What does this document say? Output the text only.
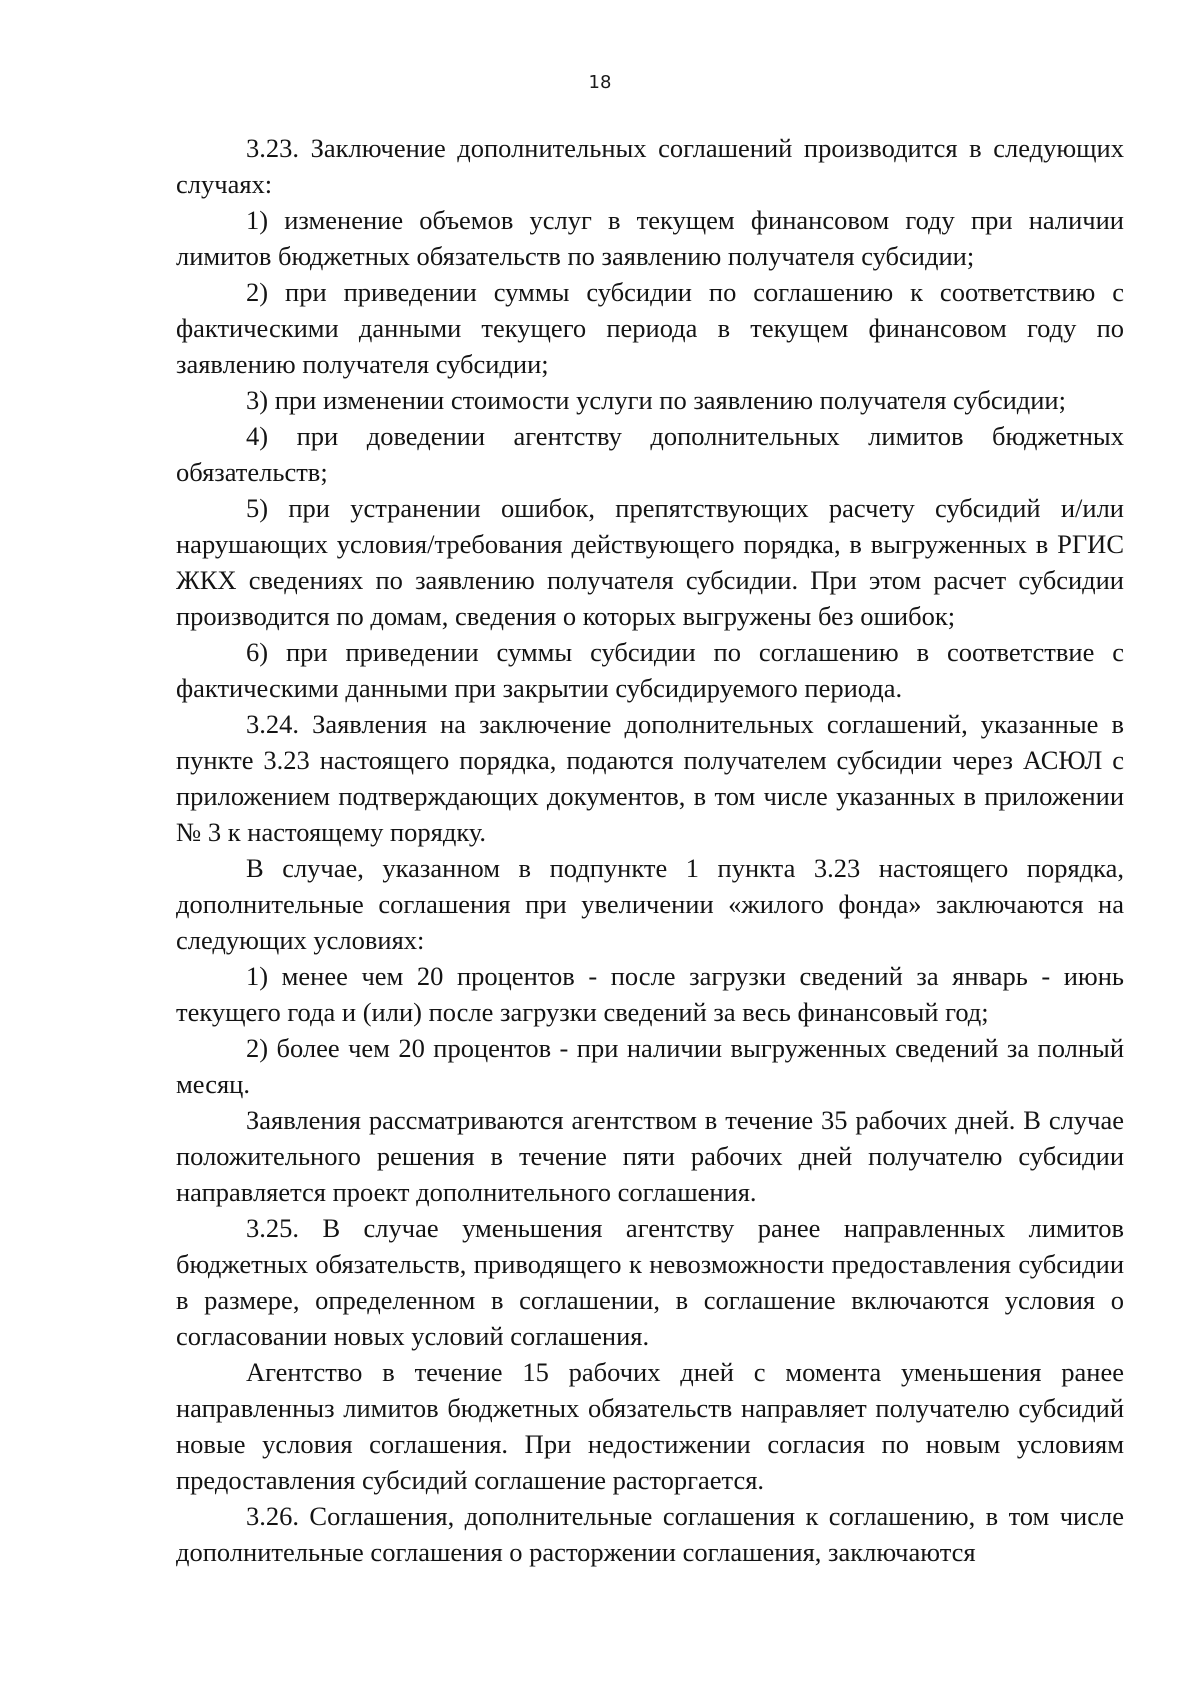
18

3.23. Заключение дополнительных соглашений производится в следующих случаях:

1) изменение объемов услуг в текущем финансовом году при наличии лимитов бюджетных обязательств по заявлению получателя субсидии;

2) при приведении суммы субсидии по соглашению к соответствию с фактическими данными текущего периода в текущем финансовом году по заявлению получателя субсидии;

3) при изменении стоимости услуги по заявлению получателя субсидии;

4) при доведении агентству дополнительных лимитов бюджетных обязательств;

5) при устранении ошибок, препятствующих расчету субсидий и/или нарушающих условия/требования действующего порядка, в выгруженных в РГИС ЖКХ сведениях по заявлению получателя субсидии. При этом расчет субсидии производится по домам, сведения о которых выгружены без ошибок;

6) при приведении суммы субсидии по соглашению в соответствие с фактическими данными при закрытии субсидируемого периода.

3.24. Заявления на заключение дополнительных соглашений, указанные в пункте 3.23 настоящего порядка, подаются получателем субсидии через АСЮЛ с приложением подтверждающих документов, в том числе указанных в приложении № 3 к настоящему порядку.

В случае, указанном в подпункте 1 пункта 3.23 настоящего порядка, дополнительные соглашения при увеличении «жилого фонда» заключаются на следующих условиях:

1) менее чем 20 процентов - после загрузки сведений за январь - июнь текущего года и (или) после загрузки сведений за весь финансовый год;

2) более чем 20 процентов - при наличии выгруженных сведений за полный месяц.

Заявления рассматриваются агентством в течение 35 рабочих дней. В случае положительного решения в течение пяти рабочих дней получателю субсидии направляется проект дополнительного соглашения.

3.25. В случае уменьшения агентству ранее направленных лимитов бюджетных обязательств, приводящего к невозможности предоставления субсидии в размере, определенном в соглашении, в соглашение включаются условия о согласовании новых условий соглашения.

Агентство в течение 15 рабочих дней с момента уменьшения ранее направленныз лимитов бюджетных обязательств направляет получателю субсидий новые условия соглашения. При недостижении согласия по новым условиям предоставления субсидий соглашение расторгается.

3.26. Соглашения, дополнительные соглашения к соглашению, в том числе дополнительные соглашения о расторжении соглашения, заключаются
